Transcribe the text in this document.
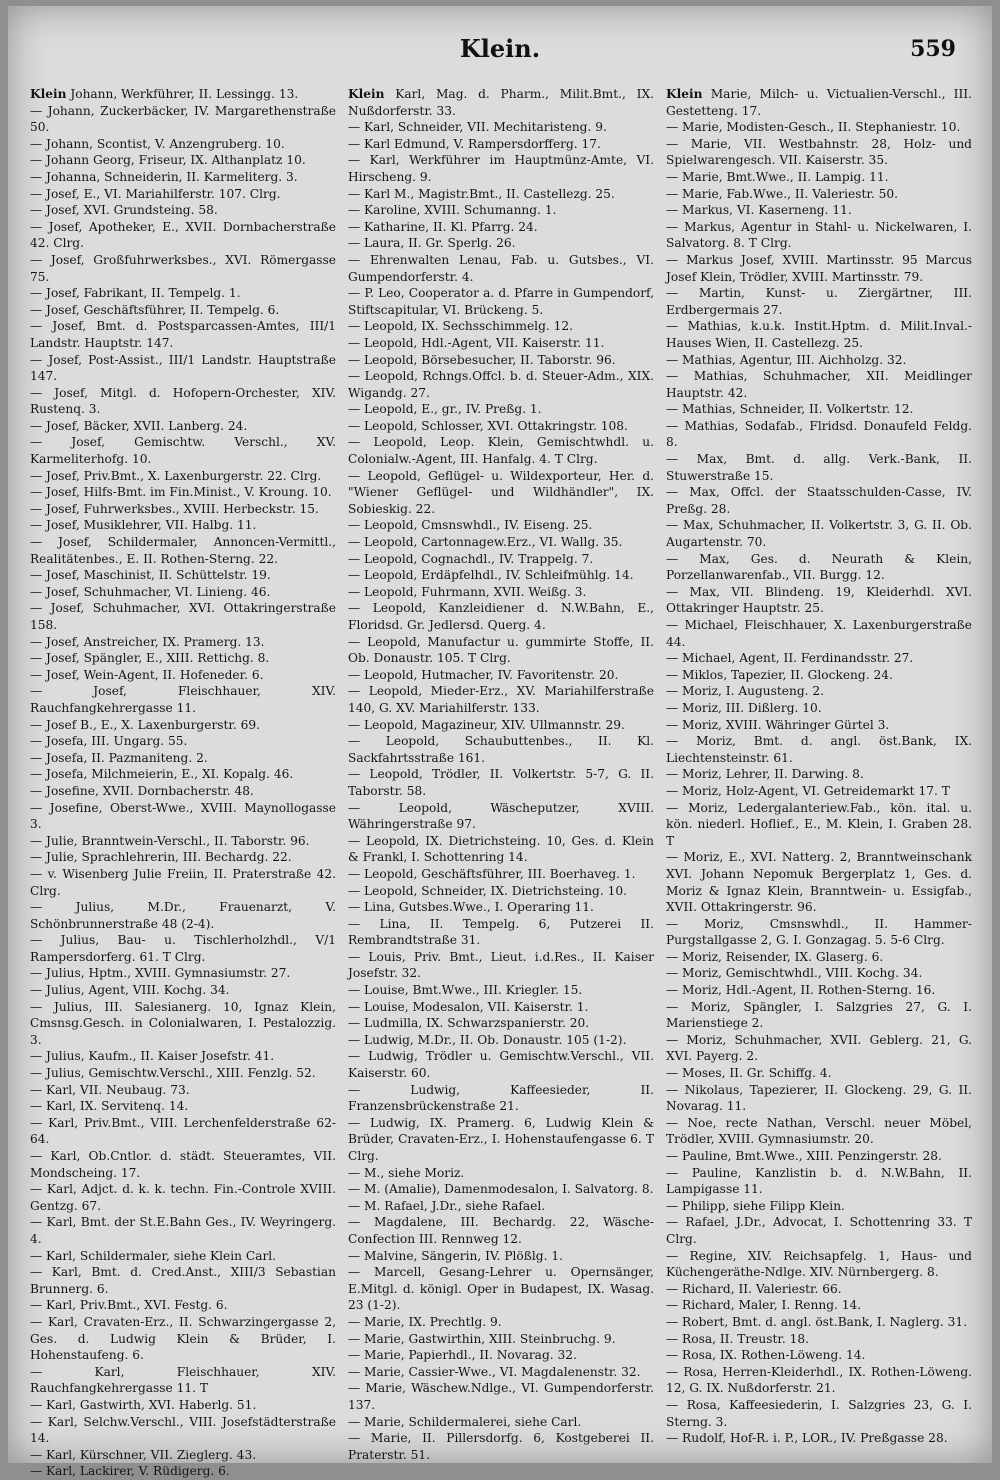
Klein.	559

Klein Johann, Werkführer, II. Lessingg. 13.

— Johann, Zuckerbäcker, IV. Margarethenstraße 50.

— Johann, Scontist, V. Anzengruberg. 10.

— Johann Georg, Friseur, IX. Althanplatz 10.

— Johanna, Schneiderin, II. Karmeliterg. 3.

— Josef, E., VI. Mariahilferstr. 107. Clrg.

— Josef, XVI. Grundsteing. 58.

— Josef, Apotheker, E., XVII. Dornbacherstraße 42. Clrg.

— Josef, Großfuhrwerksbes., XVI. Römergasse 75.

— Josef, Fabrikant, II. Tempelg. 1.

— Josef, Geschäftsführer, II. Tempelg. 6.

— Josef, Bmt. d. Postsparcassen-Amtes, III/1 Landstr. Hauptstr. 147.

— Josef, Post-Assist., III/1 Landstr. Hauptstraße 147.

— Josef, Mitgl. d. Hofopern-Orchester, XIV. Rustenq. 3.

— Josef, Bäcker, XVII. Lanberg. 24.

— Josef, Gemischtw. Verschl., XV. Karmeliterhofg. 10.

— Josef, Priv.Bmt., X. Laxenburgerstr. 22. Clrg.

— Josef, Hilfs-Bmt. im Fin.Minist., V. Kroung. 10.

— Josef, Fuhrwerksbes., XVIII. Herbeckstr. 15.

— Josef, Musiklehrer, VII. Halbg. 11.

— Josef, Schildermaler, Annoncen-Vermittl., Realitätenbes., E. II. Rothen-Sterng. 22.

— Josef, Maschinist, II. Schüttelstr. 19.

— Josef, Schuhmacher, VI. Linieng. 46.

— Josef, Schuhmacher, XVI. Ottakringerstraße 158.

— Josef, Anstreicher, IX. Pramerg. 13.

— Josef, Spängler, E., XIII. Rettichg. 8.

— Josef, Wein-Agent, II. Hofeneder. 6.

— Josef, Fleischhauer, XIV. Rauchfangkehrergasse 11.

— Josef B., E., X. Laxenburgerstr. 69.

— Josefa, III. Ungarg. 55.

— Josefa, II. Pazmaniteng. 2.

— Josefa, Milchmeierin, E., XI. Kopalg. 46.

— Josefine, XVII. Dornbacherstr. 48.

— Josefine, Oberst-Wwe., XVIII. Maynollogasse 3.

— Julie, Branntwein-Verschl., II. Taborstr. 96.

— Julie, Sprachlehrerin, III. Bechardg. 22.

— v. Wisenberg Julie Freiin, II. Praterstraße 42. Clrg.

— Julius, M.Dr., Frauenarzt, V. Schönbrunnerstraße 48 (2-4).

— Julius, Bau- u. Tischlerholzhdl., V/1 Rampersdorferg. 61. T Clrg.

— Julius, Hptm., XVIII. Gymnasiumstr. 27.

— Julius, Agent, VIII. Kochg. 34.

— Julius, III. Salesianerg. 10, Ignaz Klein, Cmsnsg.Gesch. in Colonialwaren, I. Pestalozzig. 3.

— Julius, Kaufm., II. Kaiser Josefstr. 41.

— Julius, Gemischtw.Verschl., XIII. Fenzlg. 52.

— Karl, VII. Neubaug. 73.

— Karl, IX. Servitenq. 14.

— Karl, Priv.Bmt., VIII. Lerchenfelderstraße 62-64.

— Karl, Ob.Cntlor. d. städt. Steueramtes, VII. Mondscheing. 17.

— Karl, Adjct. d. k. k. techn. Fin.-Controle XVIII. Gentzg. 67.

— Karl, Bmt. der St.E.Bahn Ges., IV. Weyringerg. 4.

— Karl, Schildermaler, siehe Klein Carl.

— Karl, Bmt. d. Cred.Anst., XIII/3 Sebastian Brunnerg. 6.

— Karl, Priv.Bmt., XVI. Festg. 6.

— Karl, Cravaten-Erz., II. Schwarzingergasse 2, Ges. d. Ludwig Klein & Brüder, I. Hohenstaufeng. 6.

— Karl, Fleischhauer, XIV. Rauchfangkehrergasse 11. T

— Karl, Gastwirth, XVI. Haberlg. 51.

— Karl, Selchw.Verschl., VIII. Josefstädterstraße 14.

— Karl, Kürschner, VII. Zieglerg. 43.

— Karl, Lackirer, V. Rüdigerg. 6.

Klein Karl, Mag. d. Pharm., Milit.Bmt., IX. Nußdorferstr. 33.

— Karl, Schneider, VII. Mechitaristeng. 9.

— Karl Edmund, V. Rampersdorfferg. 17.

— Karl, Werkführer im Hauptmünz-Amte, VI. Hirscheng. 9.

— Karl M., Magistr.Bmt., II. Castellezg. 25.

— Karoline, XVIII. Schumanng. 1.

— Katharine, II. Kl. Pfarrg. 24.

— Laura, II. Gr. Sperlg. 26.

— Ehrenwalten Lenau, Fab. u. Gutsbes., VI. Gumpendorferstr. 4.

— P. Leo, Cooperator a. d. Pfarre in Gumpendorf, Stiftscapitular, VI. Brückeng. 5.

— Leopold, IX. Sechsschimmelg. 12.

— Leopold, Hdl.-Agent, VII. Kaiserstr. 11.

— Leopold, Börsebesucher, II. Taborstr. 96.

— Leopold, Rchngs.Offcl. b. d. Steuer-Adm., XIX. Wigandg. 27.

— Leopold, E., gr., IV. Preßg. 1.

— Leopold, Schlosser, XVI. Ottakringstr. 108.

— Leopold, Leop. Klein, Gemischtwhdl. u. Colonialw.-Agent, III. Hanfalg. 4. T Clrg.

— Leopold, Geflügel- u. Wildexporteur, Her. d. "Wiener Geflügel- und Wildhändler", IX. Sobieskig. 22.

— Leopold, Cmsnswhdl., IV. Eiseng. 25.

— Leopold, Cartonnagew.Erz., VI. Wallg. 35.

— Leopold, Cognachdl., IV. Trappelg. 7.

— Leopold, Erdäpfelhdl., IV. Schleifmühlg. 14.

— Leopold, Fuhrmann, XVII. Weißg. 3.

— Leopold, Kanzleidiener d. N.W.Bahn, E., Floridsd. Gr. Jedlersd. Querg. 4.

— Leopold, Manufactur u. gummirte Stoffe, II. Ob. Donaustr. 105. T Clrg.

— Leopold, Hutmacher, IV. Favoritenstr. 20.

— Leopold, Mieder-Erz., XV. Mariahilferstraße 140, G. XV. Mariahilferstr. 133.

— Leopold, Magazineur, XIV. Ullmannstr. 29.

— Leopold, Schaubuttenbes., II. Kl. Sackfahrtsstraße 161.

— Leopold, Trödler, II. Volkertstr. 5-7, G. II. Taborstr. 58.

— Leopold, Wäscheputzer, XVIII. Währingerstraße 97.

— Leopold, IX. Dietrichsteing. 10, Ges. d. Klein & Frankl, I. Schottenring 14.

— Leopold, Geschäftsführer, III. Boerhaveg. 1.

— Leopold, Schneider, IX. Dietrichsteing. 10.

— Lina, Gutsbes.Wwe., I. Operaring 11.

— Lina, II. Tempelg. 6, Putzerei II. Rembrandtstraße 31.

— Louis, Priv. Bmt., Lieut. i.d.Res., II. Kaiser Josefstr. 32.

— Louise, Bmt.Wwe., III. Kriegler. 15.

— Louise, Modesalon, VII. Kaiserstr. 1.

— Ludmilla, IX. Schwarzspanierstr. 20.

— Ludwig, M.Dr., II. Ob. Donaustr. 105 (1-2).

— Ludwig, Trödler u. Gemischtw.Verschl., VII. Kaiserstr. 60.

— Ludwig, Kaffeesieder, II. Franzensbrückenstraße 21.

— Ludwig, IX. Pramerg. 6, Ludwig Klein & Brüder, Cravaten-Erz., I. Hohenstaufengasse 6. T Clrg.

— M., siehe Moriz.

— M. (Amalie), Damenmodesalon, I. Salvatorg. 8.

— M. Rafael, J.Dr., siehe Rafael.

— Magdalene, III. Bechardg. 22, Wäsche-Confection III. Rennweg 12.

— Malvine, Sängerin, IV. Plößlg. 1.

— Marcell, Gesang-Lehrer u. Opernsänger, E.Mitgl. d. königl. Oper in Budapest, IX. Wasag. 23 (1-2).

— Marie, IX. Prechtlg. 9.

— Marie, Gastwirthin, XIII. Steinbruchg. 9.

— Marie, Papierhdl., II. Novarag. 32.

— Marie, Cassier-Wwe., VI. Magdalenenstr. 32.

— Marie, Wäschew.Ndlge., VI. Gumpendorferstr. 137.

— Marie, Schildermalerei, siehe Carl.

— Marie, II. Pillersdorfg. 6, Kostgeberei II. Praterstr. 51.

Klein Marie, Milch- u. Victualien-Verschl., III. Gestetteng. 17.

— Marie, Modisten-Gesch., II. Stephaniestr. 10.

— Marie, VII. Westbahnstr. 28, Holz- und Spielwarengesch. VII. Kaiserstr. 35.

— Marie, Bmt.Wwe., II. Lampig. 11.

— Marie, Fab.Wwe., II. Valeriestr. 50.

— Markus, VI. Kaserneng. 11.

— Markus, Agentur in Stahl- u. Nickelwaren, I. Salvatorg. 8. T Clrg.

— Markus Josef, XVIII. Martinsstr. 95 Marcus Josef Klein, Trödler, XVIII. Martinsstr. 79.

— Martin, Kunst- u. Ziergärtner, III. Erdbergermais 27.

— Mathias, k.u.k. Instit.Hptm. d. Milit.Inval.-Hauses Wien, II. Castellezg. 25.

— Mathias, Agentur, III. Aichholzg. 32.

— Mathias, Schuhmacher, XII. Meidlinger Hauptstr. 42.

— Mathias, Schneider, II. Volkertstr. 12.

— Mathias, Sodafab., Flridsd. Donaufeld Feldg. 8.

— Max, Bmt. d. allg. Verk.-Bank, II. Stuwerstraße 15.

— Max, Offcl. der Staatsschulden-Casse, IV. Preßg. 28.

— Max, Schuhmacher, II. Volkertstr. 3, G. II. Ob. Augartenstr. 70.

— Max, Ges. d. Neurath & Klein, Porzellanwarenfab., VII. Burgg. 12.

— Max, VII. Blindeng. 19, Kleiderhdl. XVI. Ottakringer Hauptstr. 25.

— Michael, Fleischhauer, X. Laxenburgerstraße 44.

— Michael, Agent, II. Ferdinandsstr. 27.

— Miklos, Tapezier, II. Glockeng. 24.

— Moriz, I. Augusteng. 2.

— Moriz, III. Dißlerg. 10.

— Moriz, XVIII. Währinger Gürtel 3.

— Moriz, Bmt. d. angl. öst.Bank, IX. Liechtensteinstr. 61.

— Moriz, Lehrer, II. Darwing. 8.

— Moriz, Holz-Agent, VI. Getreidemarkt 17. T

— Moriz, Ledergalanteriew.Fab., kön. ital. u. kön. niederl. Hoflief., E., M. Klein, I. Graben 28. T

— Moriz, E., XVI. Natterg. 2, Branntweinschank XVI. Johann Nepomuk Bergerplatz 1, Ges. d. Moriz & Ignaz Klein, Branntwein- u. Essigfab., XVII. Ottakringerstr. 96.

— Moriz, Cmsnswhdl., II. Hammer-Purgstallgasse 2, G. I. Gonzagag. 5. 5-6 Clrg.

— Moriz, Reisender, IX. Glaserg. 6.

— Moriz, Gemischtwhdl., VIII. Kochg. 34.

— Moriz, Hdl.-Agent, II. Rothen-Sterng. 16.

— Moriz, Spängler, I. Salzgries 27, G. I. Marienstiege 2.

— Moriz, Schuhmacher, XVII. Geblerg. 21, G. XVI. Payerg. 2.

— Moses, II. Gr. Schiffg. 4.

— Nikolaus, Tapezierer, II. Glockeng. 29, G. II. Novarag. 11.

— Noe, recte Nathan, Verschl. neuer Möbel, Trödler, XVIII. Gymnasiumstr. 20.

— Pauline, Bmt.Wwe., XIII. Penzingerstr. 28.

— Pauline, Kanzlistin b. d. N.W.Bahn, II. Lampigasse 11.

— Philipp, siehe Filipp Klein.

— Rafael, J.Dr., Advocat, I. Schottenring 33. T Clrg.

— Regine, XIV. Reichsapfelg. 1, Haus- und Küchengeräthe-Ndlge. XIV. Nürnbergerg. 8.

— Richard, II. Valeriestr. 66.

— Richard, Maler, I. Renng. 14.

— Robert, Bmt. d. angl. öst.Bank, I. Naglerg. 31.

— Rosa, II. Treustr. 18.

— Rosa, IX. Rothen-Löweng. 14.

— Rosa, Herren-Kleiderhdl., IX. Rothen-Löweng. 12, G. IX. Nußdorferstr. 21.

— Rosa, Kaffeesiederin, I. Salzgries 23, G. I. Sterng. 3.

— Rudolf, Hof-R. i. P., LOR., IV. Preßgasse 28.
